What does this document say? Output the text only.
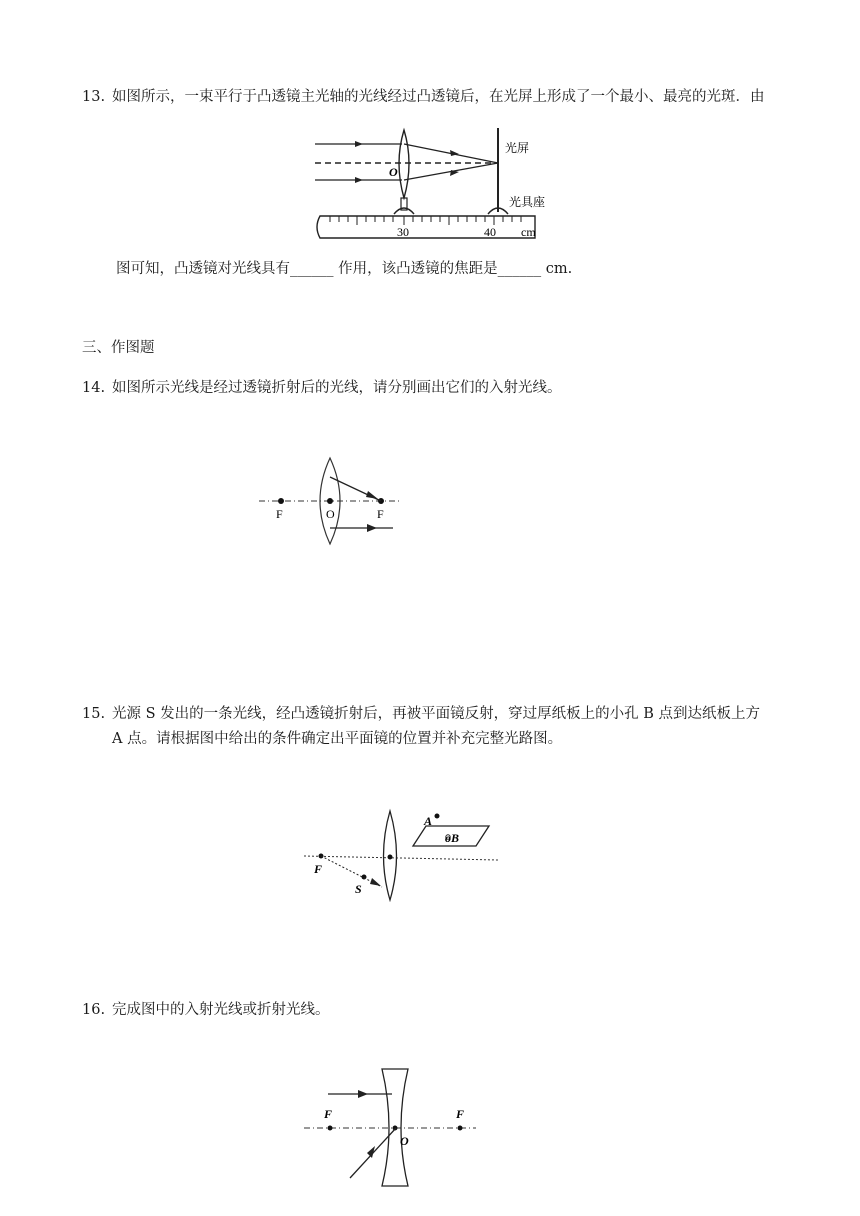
13. 如图所示，一束平行于凸透镜主光轴的光线经过凸透镜后，在光屏上形成了一个最小、最亮的光斑．由
O
光屏
光具座
30	40 cm
图可知，凸透镜对光线具有______ 作用，该凸透镜的焦距是______ cm.
三、作图题
14. 如图所示光线是经过透镜折射后的光线，请分别画出它们的入射光线。
F	O	F
15. 光源 S 发出的一条光线，经凸透镜折射后，再被平面镜反射，穿过厚纸板上的小孔 B 点到达纸板上方
A 点。请根据图中给出的条件确定出平面镜的位置并补充完整光路图。
A
oB
F
S
16. 完成图中的入射光线或折射光线。
F	F
O
